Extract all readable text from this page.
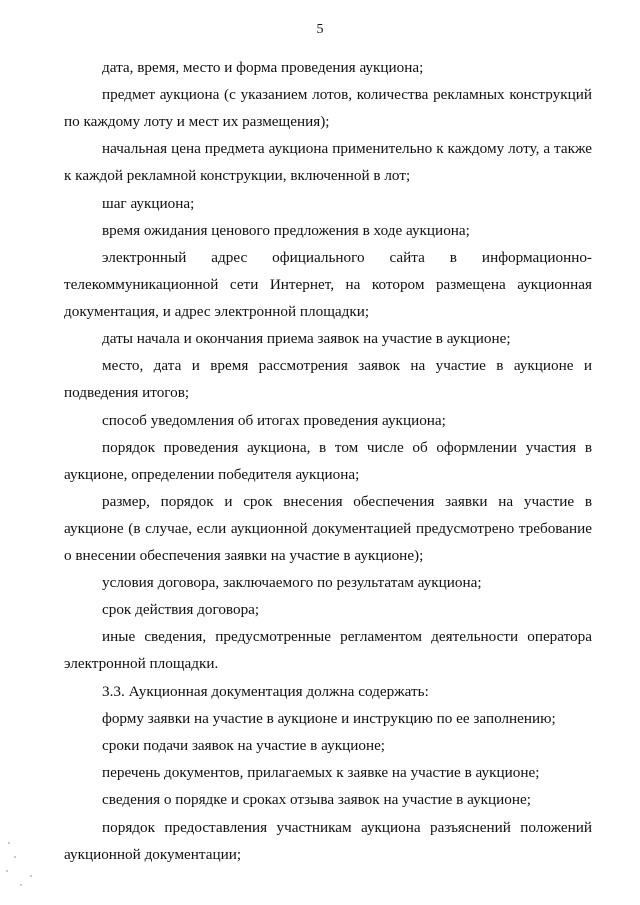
5

дата, время, место и форма проведения аукциона;

предмет аукциона (с указанием лотов, количества рекламных конструкций по каждому лоту и мест их размещения);

начальная цена предмета аукциона применительно к каждому лоту, а также к каждой рекламной конструкции, включенной в лот;

шаг аукциона;

время ожидания ценового предложения в ходе аукциона;

электронный адрес официального сайта в информационно-телекоммуникационной сети Интернет, на котором размещена аукционная документация, и адрес электронной площадки;

даты начала и окончания приема заявок на участие в аукционе;

место, дата и время рассмотрения заявок на участие в аукционе и подведения итогов;

способ уведомления об итогах проведения аукциона;

порядок проведения аукциона, в том числе об оформлении участия в аукционе, определении победителя аукциона;

размер, порядок и срок внесения обеспечения заявки на участие в аукционе (в случае, если аукционной документацией предусмотрено требование о внесении обеспечения заявки на участие в аукционе);

условия договора, заключаемого по результатам аукциона;

срок действия договора;

иные сведения, предусмотренные регламентом деятельности оператора электронной площадки.

3.3. Аукционная документация должна содержать:

форму заявки на участие в аукционе и инструкцию по ее заполнению;

сроки подачи заявок на участие в аукционе;

перечень документов, прилагаемых к заявке на участие в аукционе;

сведения о порядке и сроках отзыва заявок на участие в аукционе;

порядок предоставления участникам аукциона разъяснений положений аукционной документации;
